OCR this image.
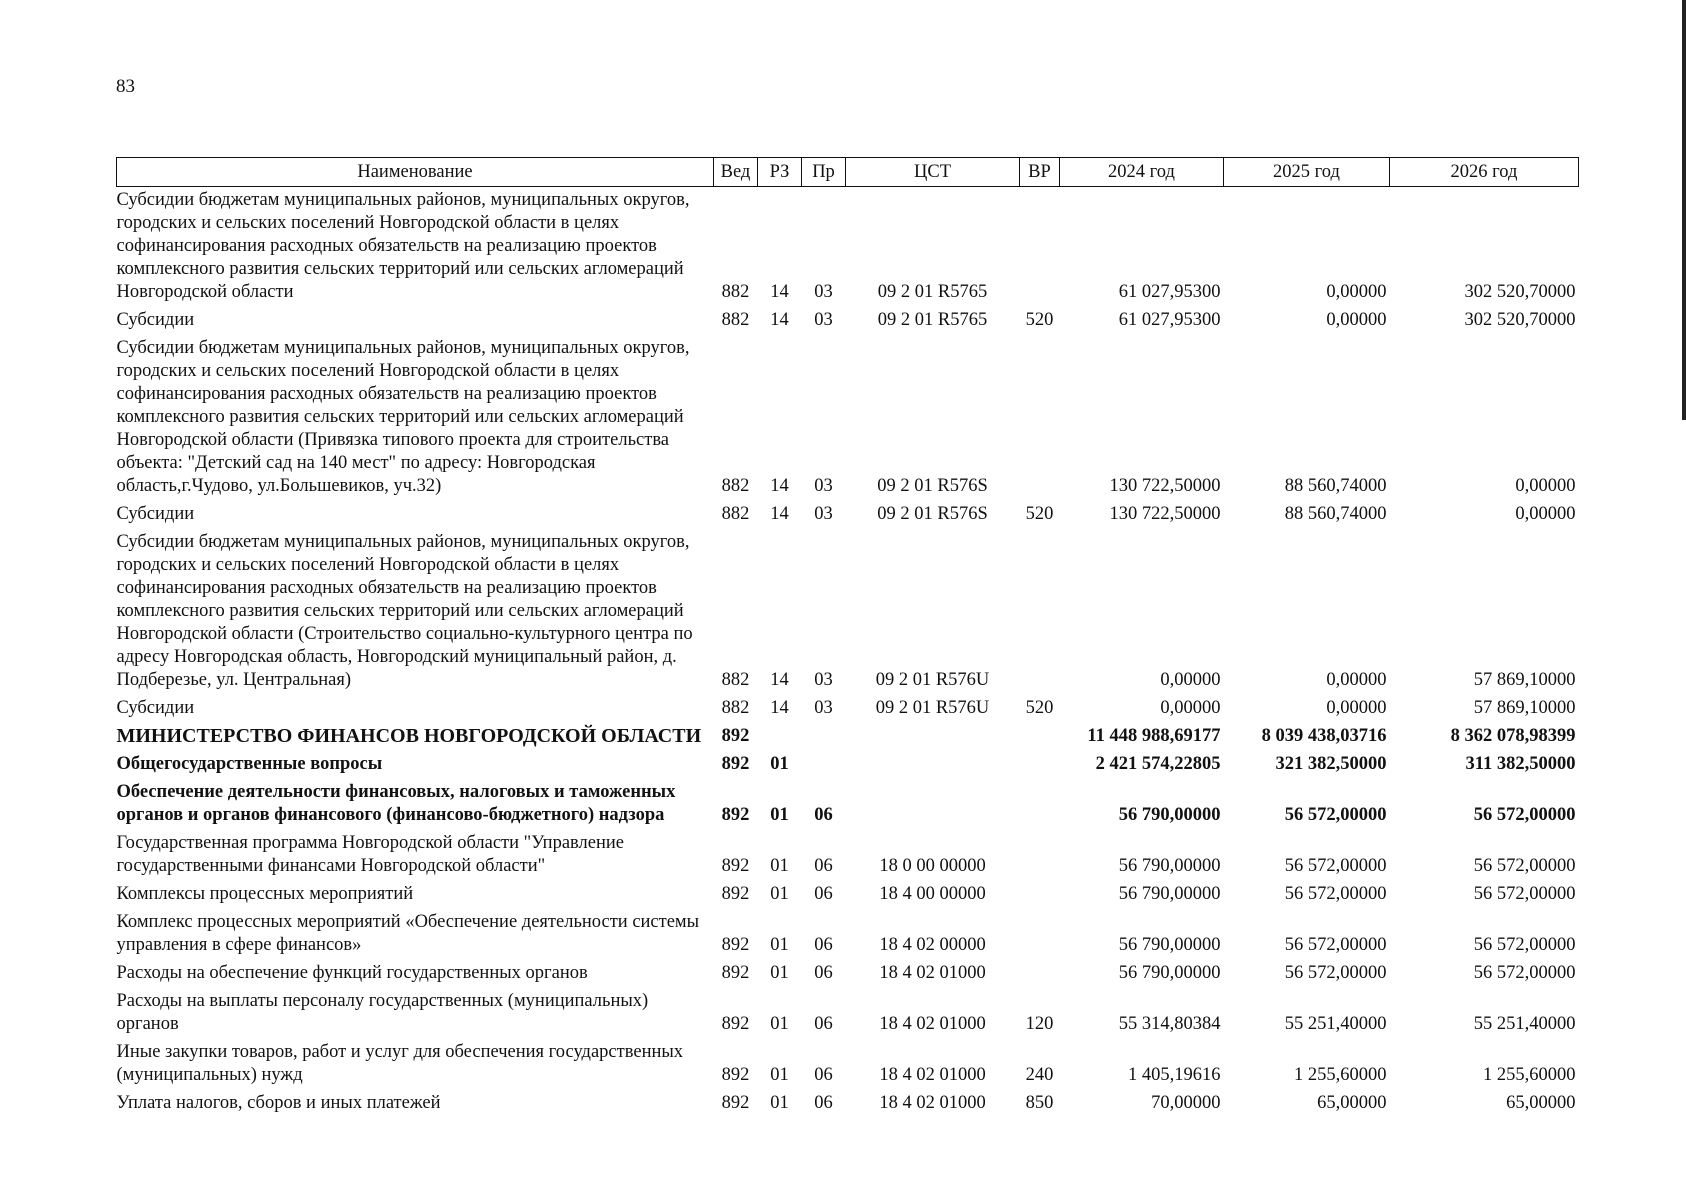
83
Наименование	Вед	РЗ	Пр	ЦСТ	ВР	2024 год	2025 год	2026 год
Субсидии бюджетам муниципальных районов, муниципальных округов, городских и сельских поселений Новгородской области в целях софинансирования расходных обязательств на реализацию проектов комплексного развития сельских территорий или сельских агломераций Новгородской области	882	14	03	09 2 01 R5765		61 027,95300	0,00000	302 520,70000
Субсидии	882	14	03	09 2 01 R5765	520	61 027,95300	0,00000	302 520,70000
Субсидии бюджетам муниципальных районов, муниципальных округов, городских и сельских поселений Новгородской области в целях софинансирования расходных обязательств на реализацию проектов комплексного развития сельских территорий или сельских агломераций Новгородской области (Привязка типового проекта для строительства объекта: "Детский сад на 140 мест" по адресу: Новгородская область,г.Чудово, ул.Большевиков, уч.32)	882	14	03	09 2 01 R576S		130 722,50000	88 560,74000	0,00000
Субсидии	882	14	03	09 2 01 R576S	520	130 722,50000	88 560,74000	0,00000
Субсидии бюджетам муниципальных районов, муниципальных округов, городских и сельских поселений Новгородской области в целях софинансирования расходных обязательств на реализацию проектов комплексного развития сельских территорий или сельских агломераций Новгородской области (Строительство социально-культурного центра по адресу Новгородская область, Новгородский муниципальный район, д. Подберезье, ул. Центральная)	882	14	03	09 2 01 R576U		0,00000	0,00000	57 869,10000
Субсидии	882	14	03	09 2 01 R576U	520	0,00000	0,00000	57 869,10000
МИНИСТЕРСТВО ФИНАНСОВ НОВГОРОДСКОЙ ОБЛАСТИ	892					11 448 988,69177	8 039 438,03716	8 362 078,98399
Общегосударственные вопросы	892	01				2 421 574,22805	321 382,50000	311 382,50000
Обеспечение деятельности финансовых, налоговых и таможенных органов и органов финансового (финансово-бюджетного) надзора	892	01	06			56 790,00000	56 572,00000	56 572,00000
Государственная программа Новгородской области "Управление государственными финансами Новгородской области"	892	01	06	18 0 00 00000		56 790,00000	56 572,00000	56 572,00000
Комплексы процессных мероприятий	892	01	06	18 4 00 00000		56 790,00000	56 572,00000	56 572,00000
Комплекс процессных мероприятий «Обеспечение деятельности системы управления в сфере финансов»	892	01	06	18 4 02 00000		56 790,00000	56 572,00000	56 572,00000
Расходы на обеспечение функций государственных органов	892	01	06	18 4 02 01000		56 790,00000	56 572,00000	56 572,00000
Расходы на выплаты персоналу государственных (муниципальных) органов	892	01	06	18 4 02 01000	120	55 314,80384	55 251,40000	55 251,40000
Иные закупки товаров, работ и услуг для обеспечения государственных (муниципальных) нужд	892	01	06	18 4 02 01000	240	1 405,19616	1 255,60000	1 255,60000
Уплата налогов, сборов и иных платежей	892	01	06	18 4 02 01000	850	70,00000	65,00000	65,00000
